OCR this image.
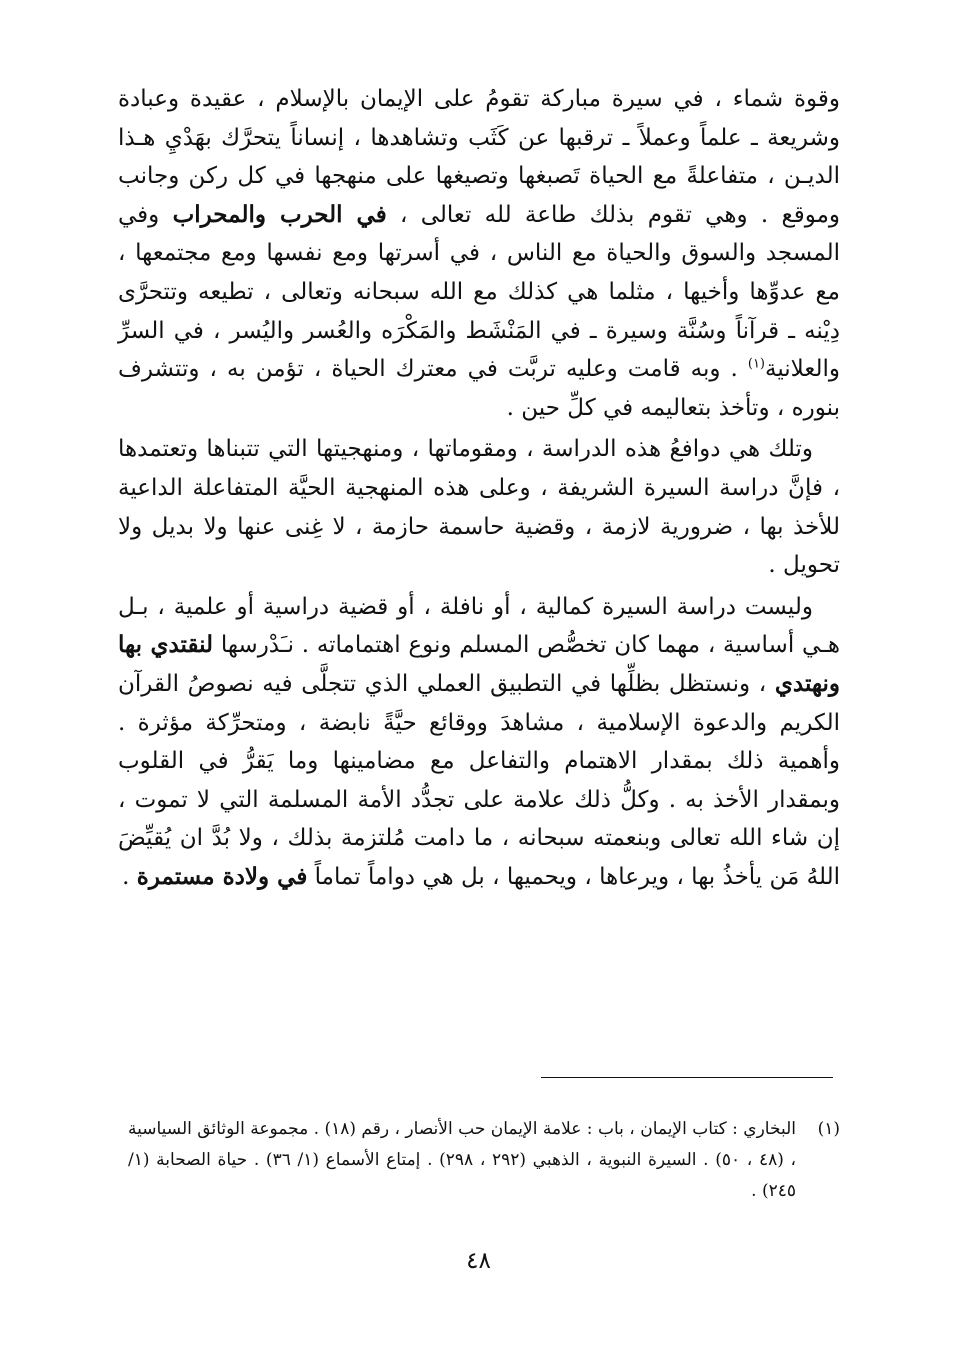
وقوة شماء ، في سيرة مباركة تقومُ على الإيمان بالإسلام ، عقيدة وعبادة وشريعة ـ علماً وعملاً ـ ترقبها عن كَثَب وتشاهدها ، إنساناً يتحرَّك بهَدْيِ هـذا الديـن ، متفاعلةً مع الحياة تَصبغها وتصيغها على منهجها في كل ركن وجانب وموقع . وهي تقوم بذلك طاعة لله تعالى ، في الحرب والمحراب وفي المسجد والسوق والحياة مع الناس ، في أسرتها ومع نفسها ومع مجتمعها ، مع عدوِّها وأخيها ، مثلما هي كذلك مع الله سبحانه وتعالى ، تطيعه وتتحرَّى دِيْنه ـ قرآناً وسُنَّة وسيرة ـ في المَنْشَط والمَكْرَه والعُسر واليُسر ، في السرِّ والعلانية$^{(١)}$ . وبه قامت وعليه تربَّت في معترك الحياة ، تؤمن به ، وتتشرف بنوره ، وتأخذ بتعاليمه في كلِّ حين .

وتلك هي دوافعُ هذه الدراسة ، ومقوماتها ، ومنهجيتها التي تتبناها وتعتمدها ، فإنَّ دراسة السيرة الشريفة ، وعلى هذه المنهجية الحيَّة المتفاعلة الداعية للأخذ بها ، ضرورية لازمة ، وقضية حاسمة حازمة ، لا غِنى عنها ولا بديل ولا تحويل .

وليست دراسة السيرة كمالية ، أو نافلة ، أو قضية دراسية أو علمية ، بـل هـي أساسية ، مهما كان تخصُّص المسلم ونوع اهتماماته . نـَدْرسها لنقتدي بها ونهتدي ، ونستظل بظلِّها في التطبيق العملي الذي تتجلَّى فيه نصوصُ القرآن الكريم والدعوة الإسلامية ، مشاهدَ ووقائع حيَّةً نابضة ، ومتحرِّكة مؤثرة . وأهمية ذلك بمقدار الاهتمام والتفاعل مع مضامينها وما يَقرُّ في القلوب وبمقدار الأخذ به . وكلُّ ذلك علامة على تجدُّد الأمة المسلمة التي لا تموت ، إن شاء الله تعالى وبنعمته سبحانه ، ما دامت مُلتزمة بذلك ، ولا بُدَّ ان يُقيِّضَ اللهُ مَن يأخذُ بها ، ويرعاها ، ويحميها ، بل هي دواماً تماماً في ولادة مستمرة .

(١)
البخاري : كتاب الإيمان ، باب : علامة الإيمان حب الأنصار ، رقم (١٨) . مجموعة الوثائق السياسية ، (٤٨ ، ٥٠) . السيرة النبوية ، الذهبي (٢٩٢ ، ٢٩٨) . إمتاع الأسماع (١/ ٣٦) . حياة الصحابة (١/ ٢٤٥) .
٤٨
